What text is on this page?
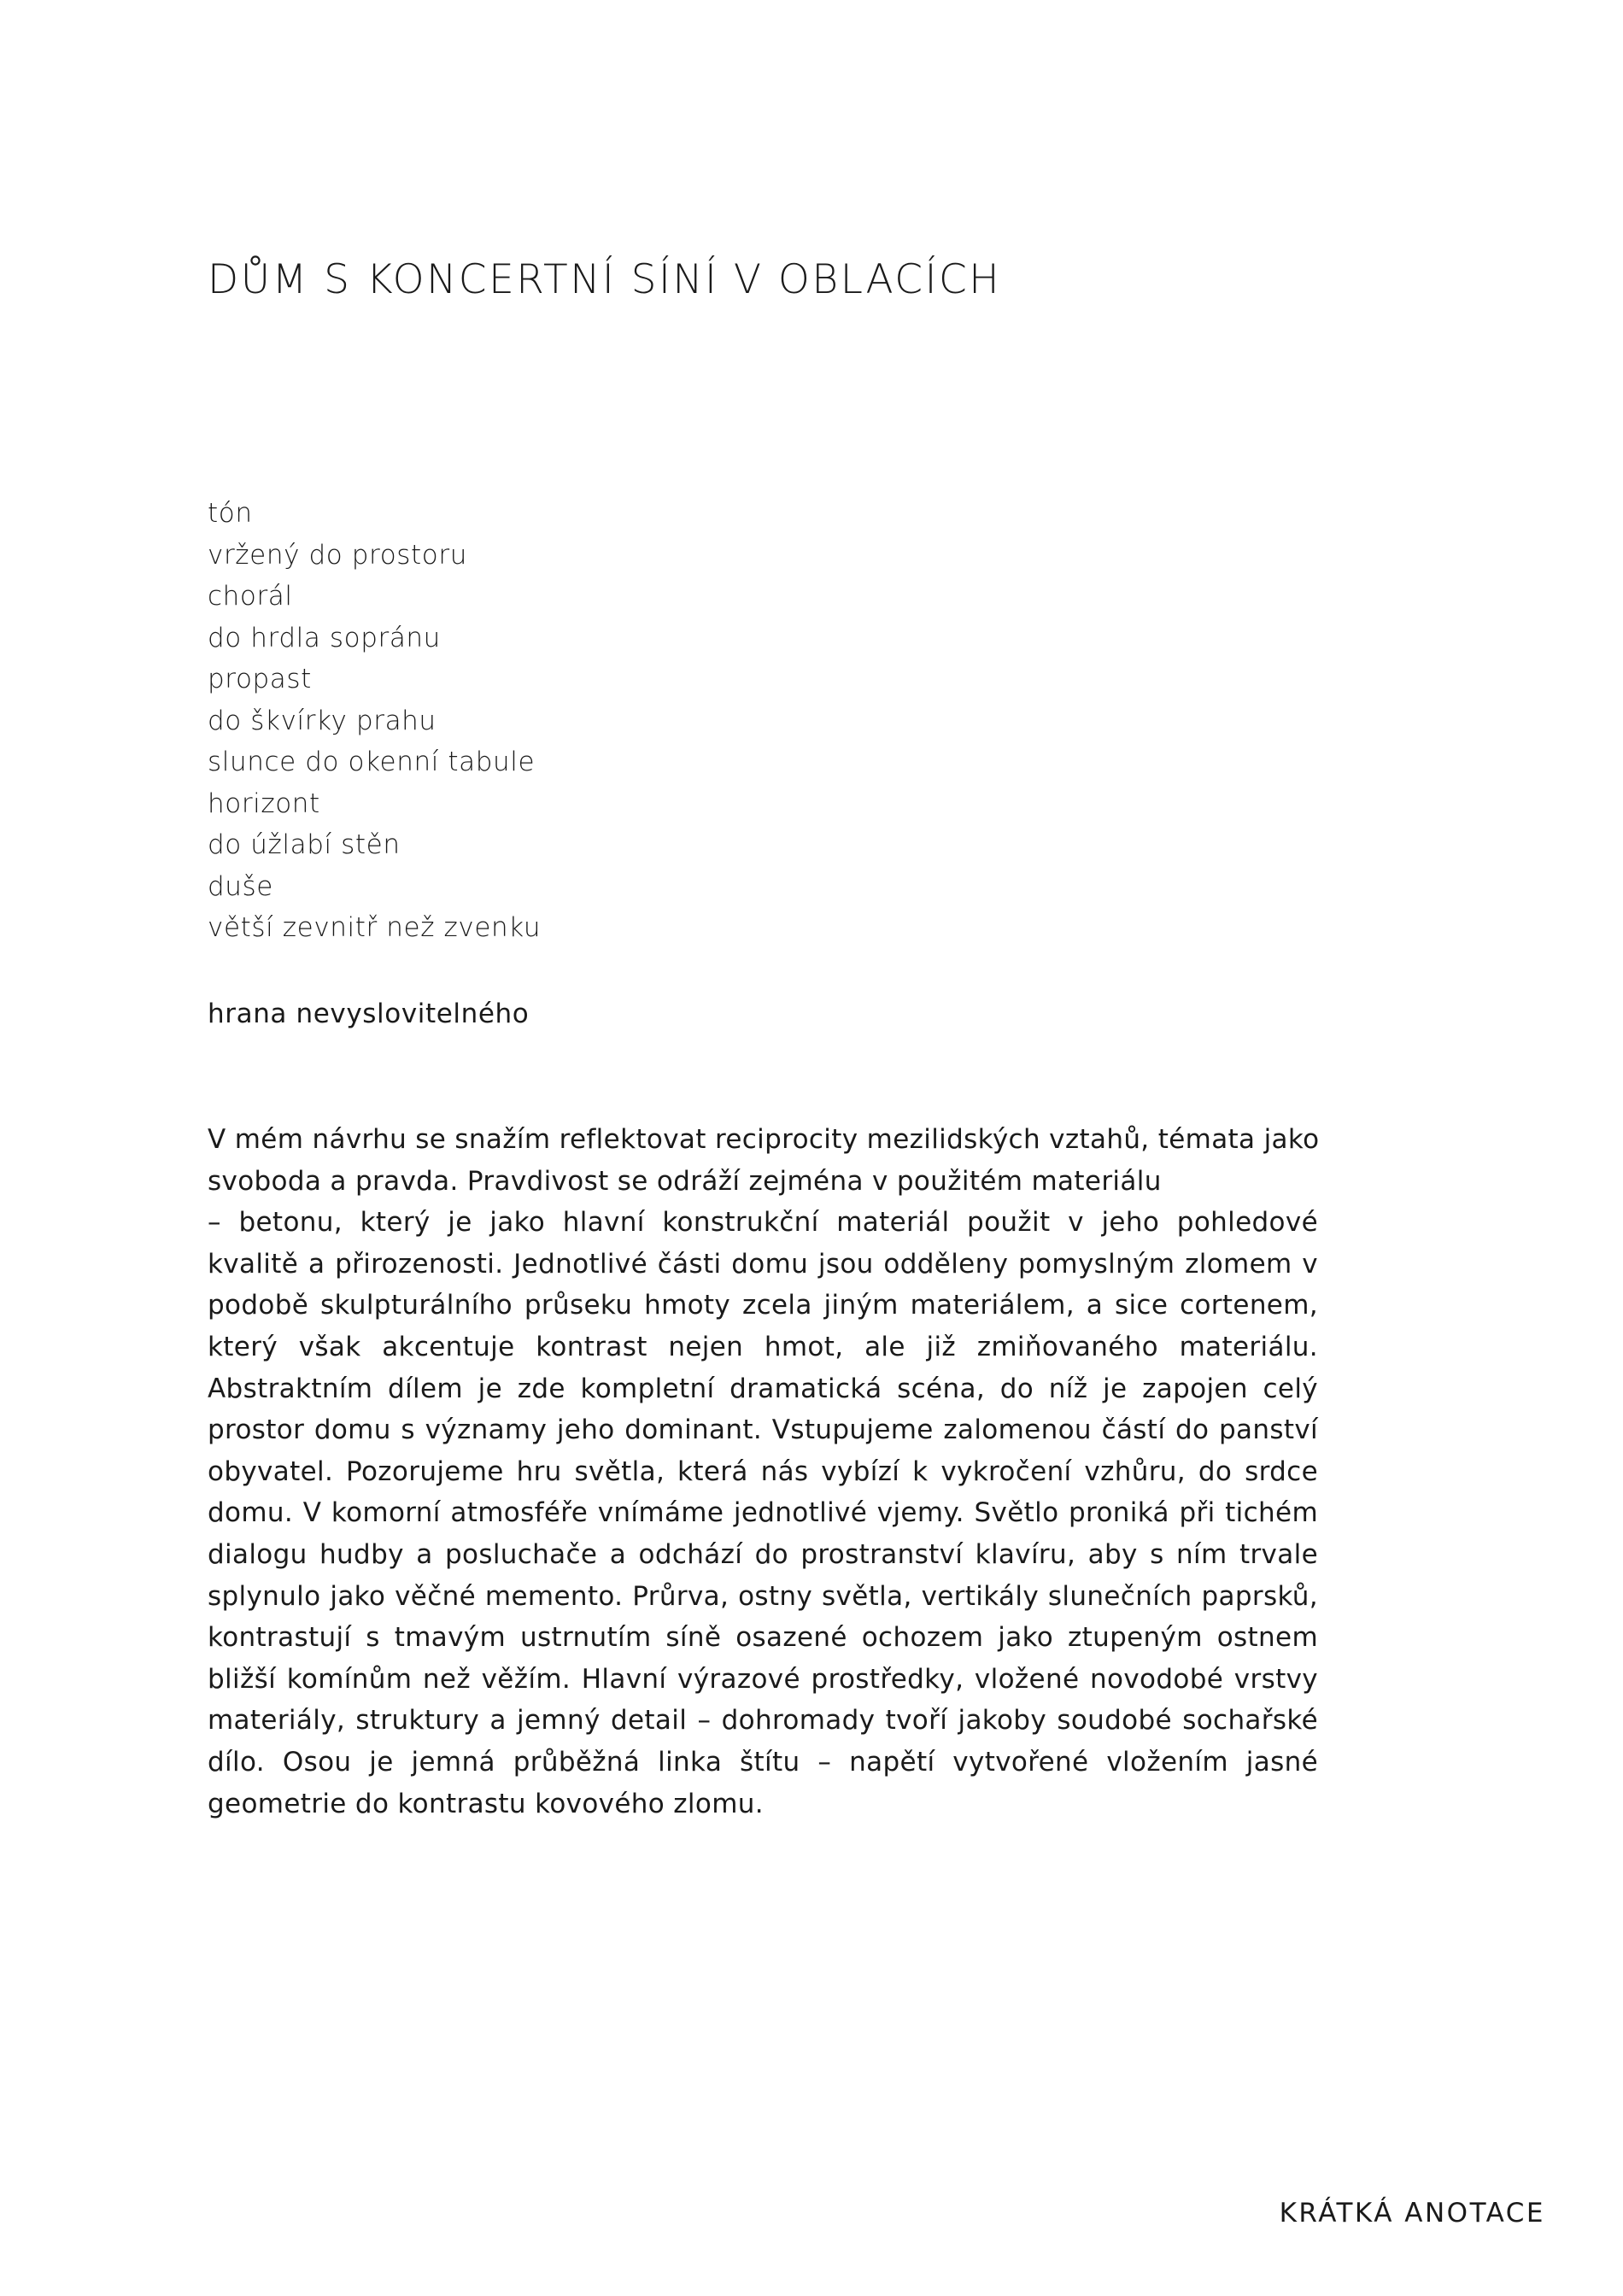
DŮM S KONCERTNÍ SÍNÍ V OBLACÍCH
tón
vržený do prostoru
chorál
do hrdla sopránu
propast
do škvírky prahu
slunce do okenní tabule
horizont
do úžlabí stěn
duše
větší zevnitř než zvenku

hrana nevyslovitelného

V mém návrhu se snažím reflektovat reciprocity mezilidských vztahů, témata jako
svoboda a pravda. Pravdivost se odráží zejména v použitém materiálu
– betonu, který je jako hlavní konstrukční materiál použit v jeho pohledové
kvalitě a přirozenosti. Jednotlivé části domu jsou odděleny pomyslným zlomem v
podobě skulpturálního průseku hmoty zcela jiným materiálem, a sice cortenem,
který však akcentuje kontrast nejen hmot, ale již zmiňovaného materiálu.
Abstraktním dílem je zde kompletní dramatická scéna, do níž je zapojen celý
prostor domu s významy jeho dominant. Vstupujeme zalomenou částí do panství
obyvatel. Pozorujeme hru světla, která nás vybízí k vykročení vzhůru, do srdce
domu. V komorní atmosféře vnímáme jednotlivé vjemy. Světlo proniká při tichém
dialogu hudby a posluchače a odchází do prostranství klavíru, aby s ním trvale
splynulo jako věčné memento. Průrva, ostny světla, vertikály slunečních paprsků,
kontrastují s tmavým ustrnutím síně osazené ochozem jako ztupeným ostnem
bližší komínům než věžím. Hlavní výrazové prostředky, vložené novodobé vrstvy
materiály, struktury a jemný detail – dohromady tvoří jakoby soudobé sochařské
dílo. Osou je jemná průběžná linka štítu – napětí vytvořené vložením jasné
geometrie do kontrastu kovového zlomu.

KRÁTKÁ ANOTACE
